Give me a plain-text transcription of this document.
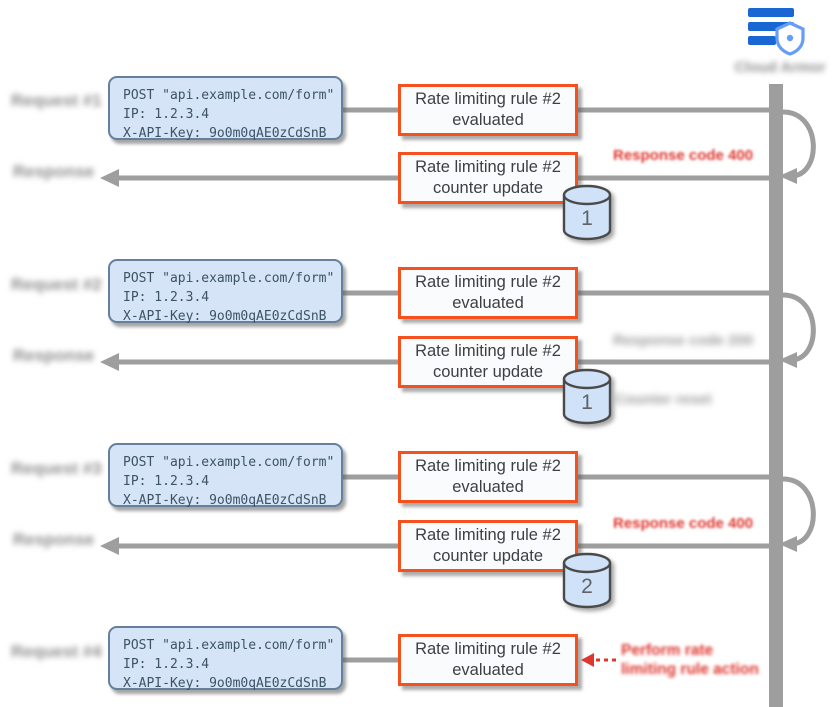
Cloud Armor
Request #1
Response
Request #2
Response
Request #3
Response
Request #4
POST "api.example.com/form"
IP: 1.2.3.4
X-API-Key: 9o0m0qAE0zCdSnB
POST "api.example.com/form"
IP: 1.2.3.4
X-API-Key: 9o0m0qAE0zCdSnB
POST "api.example.com/form"
IP: 1.2.3.4
X-API-Key: 9o0m0qAE0zCdSnB
POST "api.example.com/form"
IP: 1.2.3.4
X-API-Key: 9o0m0qAE0zCdSnB
Rate limiting rule #2
evaluated
Rate limiting rule #2
evaluated
Rate limiting rule #2
evaluated
Rate limiting rule #2
evaluated
Rate limiting rule #2
counter update
Rate limiting rule #2
counter update
Rate limiting rule #2
counter update
1
1
2
Response code 400
Response code 200
Counter reset
Response code 400
Perform rate
limiting rule action
